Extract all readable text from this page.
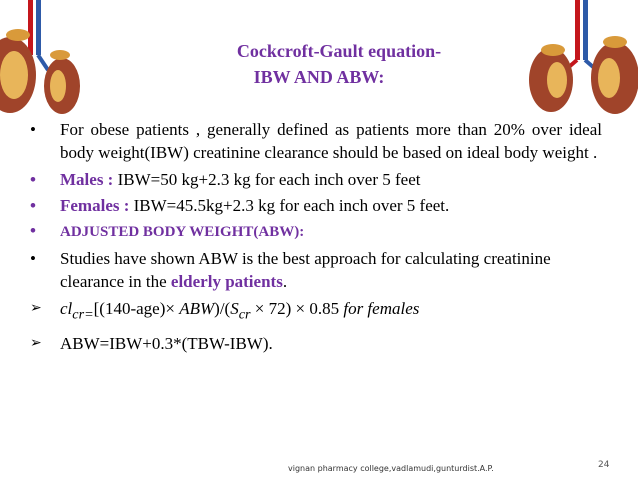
Cockcroft-Gault equation-
IBW AND ABW:
•	For obese patients , generally defined as patients more than 20% over ideal body weight(IBW) creatinine clearance should be based on ideal body weight .
•	Males : IBW=50 kg+2.3 kg for each inch over 5 feet
•	Females : IBW=45.5kg+2.3 kg for each inch over 5 feet.
•	ADJUSTED BODY WEIGHT(ABW):
•	Studies have shown ABW is the best approach for calculating creatinine clearance in the elderly patients.
➢	$cl_{cr=}[(140-age)\times ABW)/(S_{cr} \times 72) \times 0.85$ for females
➢	ABW=IBW+0.3*(TBW-IBW).
vignan pharmacy college,vadlamudi,gunturdist.A.P.	24
